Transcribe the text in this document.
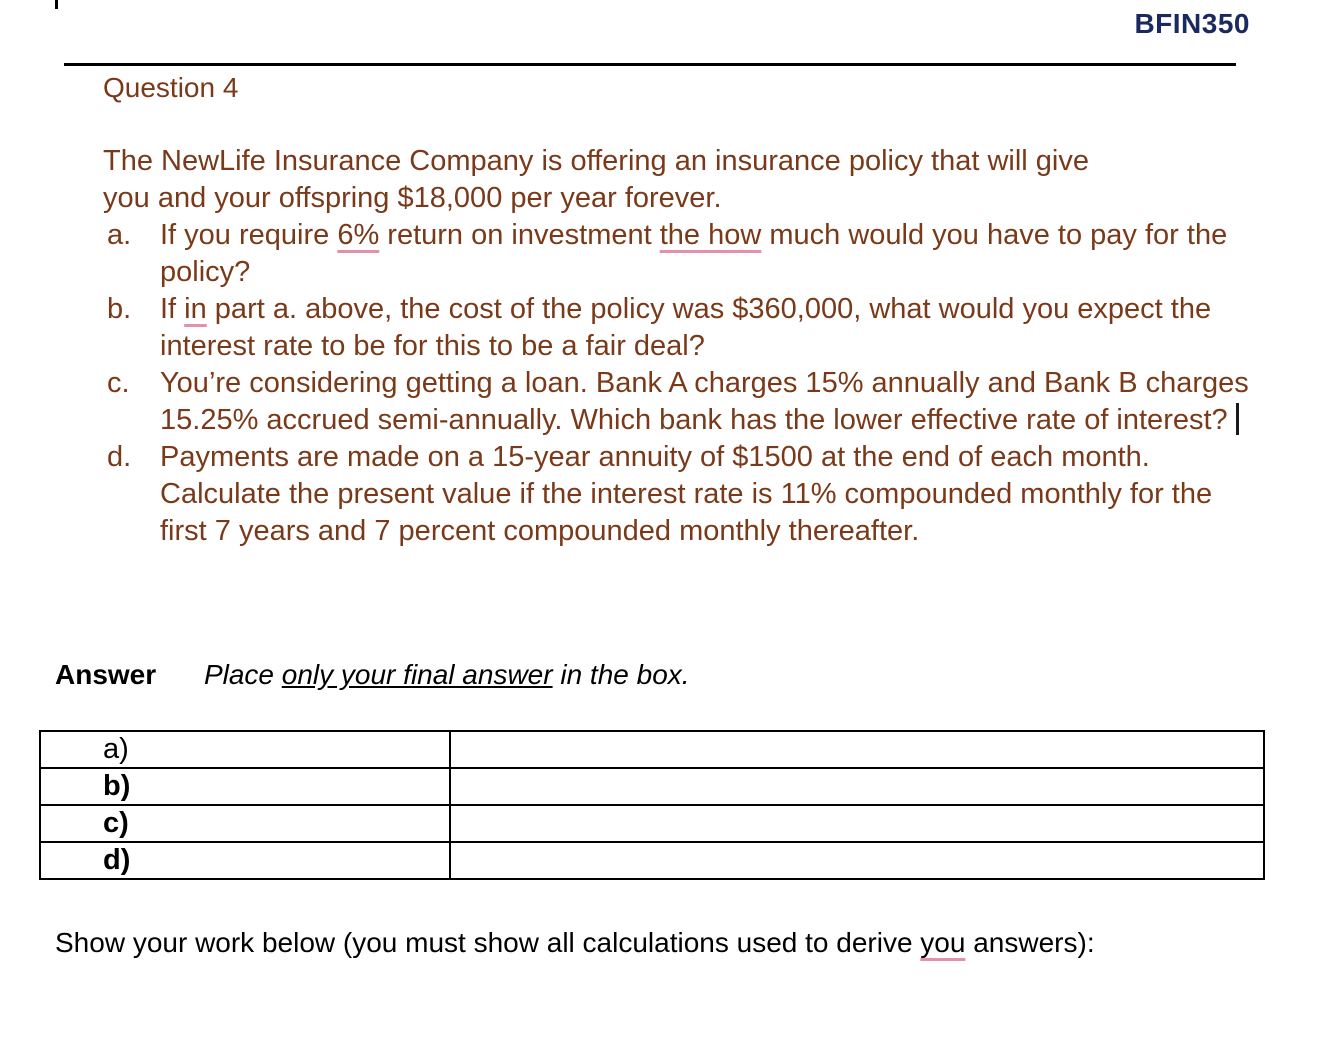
BFIN350
Question 4
The NewLife Insurance Company is offering an insurance policy that will give
you and your offspring $18,000 per year forever.
a. If you require 6% return on investment the how much would you have to pay for the policy?
b. If in part a. above, the cost of the policy was $360,000, what would you expect the interest rate to be for this to be a fair deal?
c.	You’re considering getting a loan. Bank A charges 15% annually and Bank B charges 15.25% accrued semi-annually. Which bank has the lower effective rate of interest?
d. Payments are made on a 15-year annuity of $1500 at the end of each month. Calculate the present value if the interest rate is 11% compounded monthly for the first 7 years and 7 percent compounded monthly thereafter.
Answer Place only your final answer in the box.
a)	
b)	
c)	
d)	
Show your work below (you must show all calculations used to derive you answers):
